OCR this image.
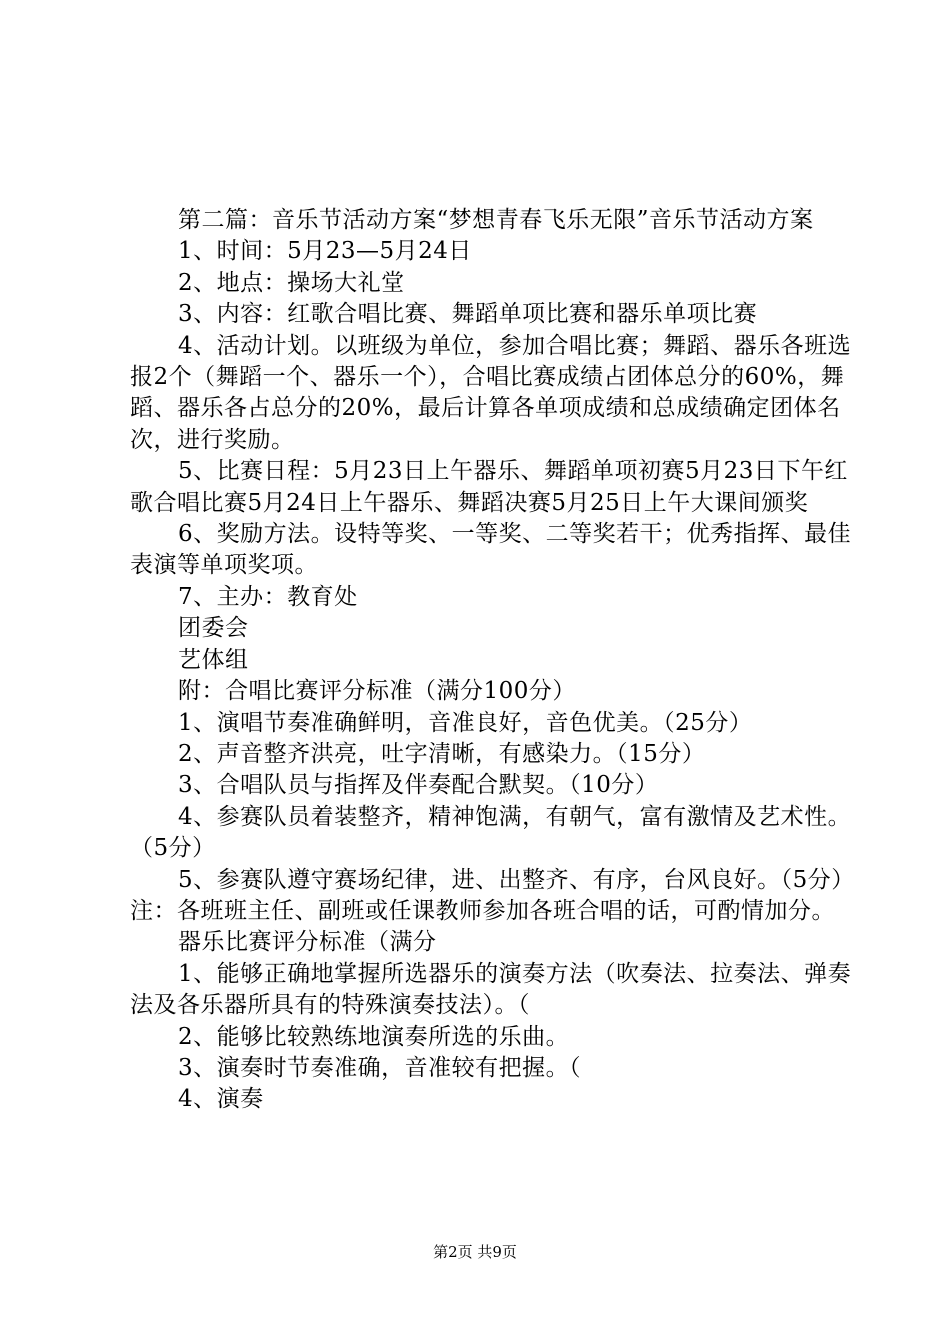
第二篇：音乐节活动方案“梦想青春飞乐无限”音乐节活动方案

1、时间：5月23—5月24日

2、地点：操场大礼堂

3、内容：红歌合唱比赛、舞蹈单项比赛和器乐单项比赛

4、活动计划。以班级为单位，参加合唱比赛；舞蹈、器乐各班选报2个（舞蹈一个、器乐一个），合唱比赛成绩占团体总分的60%，舞蹈、器乐各占总分的20%，最后计算各单项成绩和总成绩确定团体名次，进行奖励。

5、比赛日程：5月23日上午器乐、舞蹈单项初赛5月23日下午红歌合唱比赛5月24日上午器乐、舞蹈决赛5月25日上午大课间颁奖

6、奖励方法。设特等奖、一等奖、二等奖若干；优秀指挥、最佳表演等单项奖项。

7、主办：教育处

团委会

艺体组

附：合唱比赛评分标准（满分100分）

1、演唱节奏准确鲜明，音准良好，音色优美。（25分）

2、声音整齐洪亮，吐字清晰，有感染力。（15分）

3、合唱队员与指挥及伴奏配合默契。（10分）

4、参赛队员着装整齐，精神饱满，有朝气，富有激情及艺术性。（5分）

5、参赛队遵守赛场纪律，进、出整齐、有序，台风良好。（5分）注：各班班主任、副班或任课教师参加各班合唱的话，可酌情加分。

器乐比赛评分标准（满分

1、能够正确地掌握所选器乐的演奏方法（吹奏法、拉奏法、弹奏法及各乐器所具有的特殊演奏技法）。（

2、能够比较熟练地演奏所选的乐曲。

3、演奏时节奏准确，音准较有把握。（

4、演奏

第2页 共9页
